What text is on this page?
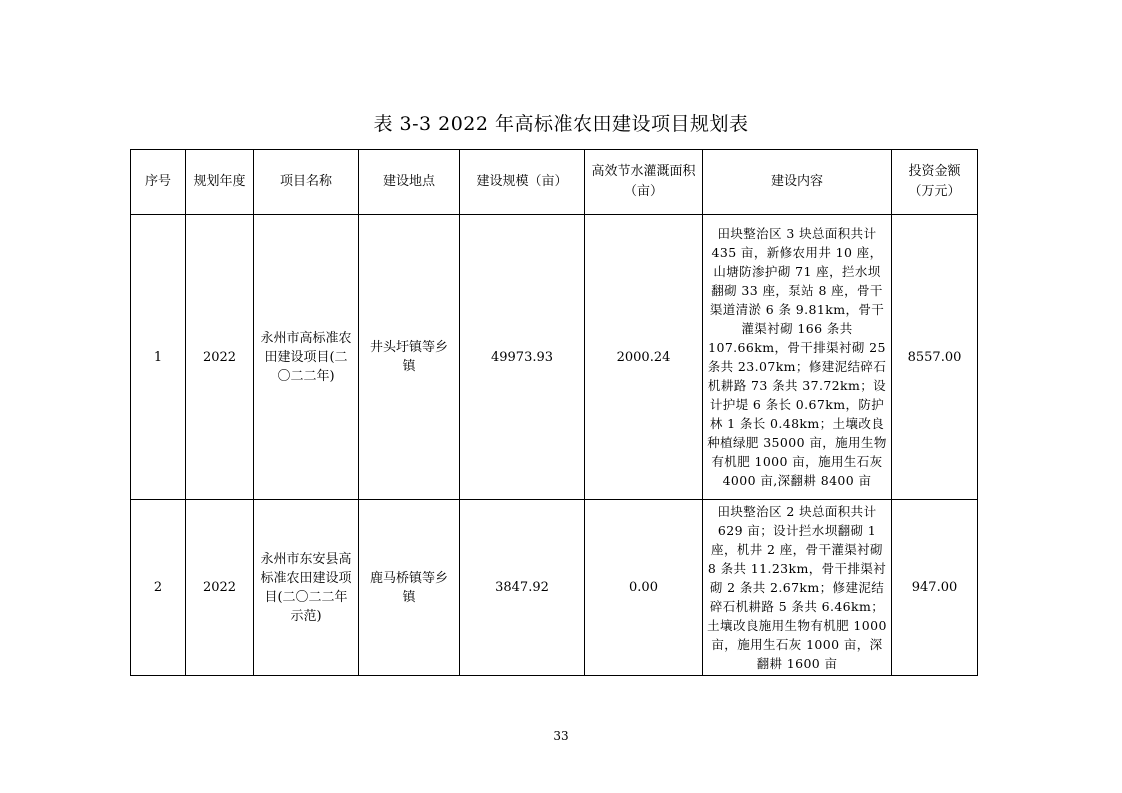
表 3-3 2022 年高标准农田建设项目规划表
序号	规划年度	项目名称	建设地点	建设规模（亩）	高效节水灌溉面积（亩）	建设内容	投资金额（万元）

1	2022	永州市高标准农田建设项目(二〇二二年)	井头圩镇等乡镇	49973.93	2000.24	田块整治区 3 块总面积共计 435 亩，新修农用井 10 座，山塘防渗护砌 71 座，拦水坝翻砌 33 座，泵站 8 座，骨干渠道清淤 6 条 9.81km，骨干灌渠衬砌 166 条共 107.66km，骨干排渠衬砌 25 条共 23.07km；修建泥结碎石机耕路 73 条共 37.72km；设计护堤 6 条长 0.67km，防护林 1 条长 0.48km；土壤改良种植绿肥 35000 亩，施用生物有机肥 1000 亩，施用生石灰 4000 亩,深翻耕 8400 亩	8557.00
2	2022	永州市东安县高标准农田建设项目(二〇二二年示范)	鹿马桥镇等乡镇	3847.92	0.00	田块整治区 2 块总面积共计 629 亩；设计拦水坝翻砌 1 座，机井 2 座，骨干灌渠衬砌 8 条共 11.23km，骨干排渠衬砌 2 条共 2.67km；修建泥结碎石机耕路 5 条共 6.46km；土壤改良施用生物有机肥 1000 亩，施用生石灰 1000 亩，深翻耕 1600 亩	947.00
33
